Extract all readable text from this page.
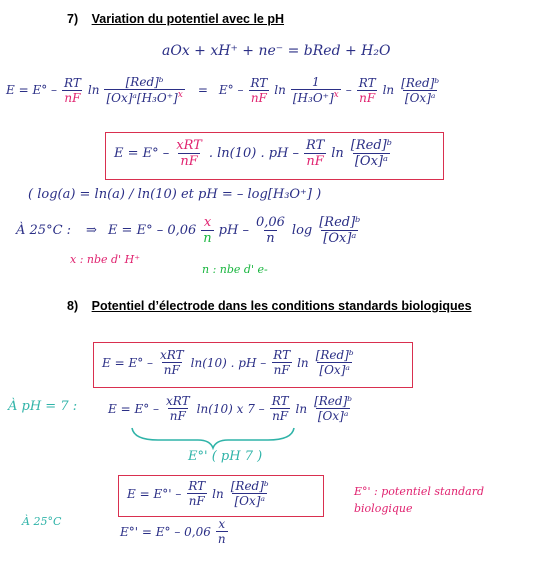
7) Variation du potentiel avec le pH
aOx + xH⁺ + ne⁻ = bRed + H₂O
$E = E^\circ - \frac{RT}{nF}$ $\ln \frac{\text{[Red]ᵇ}}{[Ox]ᵃ[H_3O^+]^x} = E^\circ - \frac{RT}{nF}$ $\ln \frac{1}{[H_3O^+]^x} - \frac{RT}{nF}$ $\ln \frac{\text{[Red]ᵇ}}{\text{[Ox]ᵃ}}$
$E = E^\circ - \frac{\text{xRT}}{nF}$ . ln(10) . pH – $\frac{RT}{nF}$ $\ln \frac{\text{[Red]ᵇ}}{\text{[Ox]ᵃ}}$
( log(a) = ln(a) / ln(10) et pH = – log[H₃O⁺] )
À 25°C : ⇒ $E = E^\circ - 0,06 \frac{x}{n}$ pH – $\frac{0,06}{n}$ $\log \frac{\text{[Red]ᵇ}}{\text{[Ox]ᵃ}}$
x : nbe d' H⁺
n : nbe d' e-
8) Potentiel d’électrode dans les conditions standards biologiques
$E = E^\circ - \frac{\text{xRT}}{nF} \ln(10)$ . pH – $\frac{RT}{nF}$ $\ln \frac{\text{[Red]ᵇ}}{\text{[Ox]ᵃ}}$
À pH = 7 :	$E = E^\circ - \frac{\text{xRT}}{nF} \ln(10)$ x $7 - \frac{RT}{nF}$ $\ln \frac{\text{[Red]ᵇ}}{\text{[Ox]ᵃ}}$
E°' ( pH 7 )
$E = E^\circ' - \frac{RT}{nF}$ $\ln \frac{\text{[Red]ᵇ}}{\text{[Ox]ᵃ}}$	E°' : potentiel standard biologique
À 25°C
$E^\circ' = E^\circ - 0,06 \frac{x}{n}$
